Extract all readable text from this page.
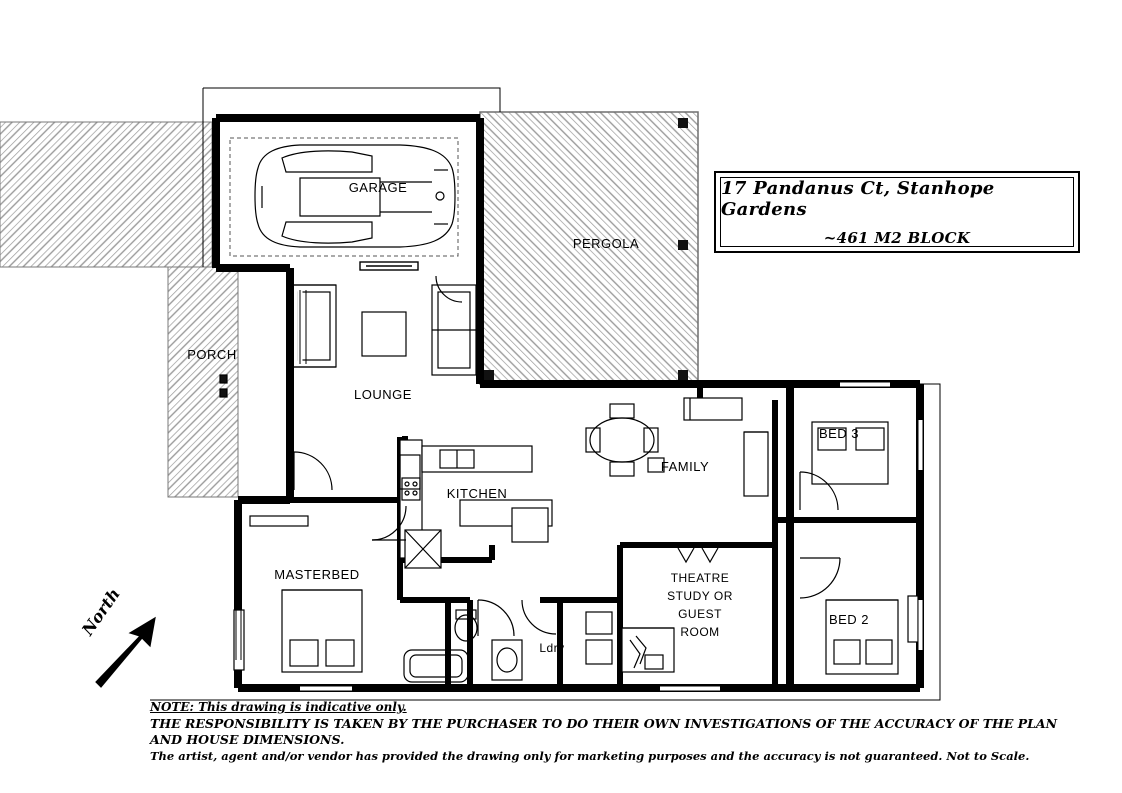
GARAGE
PERGOLA
PORCH
LOUNGE
KITCHEN
FAMILY
BED 3
BED 2
MASTERBED	THEATRE
STUDY OR
GUEST
ROOM
Ldry
North
17 Pandanus Ct, Stanhope Gardens
~461 M2 BLOCK
NOTE: This drawing is indicative only.
THE RESPONSIBILITY IS TAKEN BY THE PURCHASER TO DO THEIR OWN INVESTIGATIONS OF THE ACCURACY OF THE PLAN AND HOUSE DIMENSIONS.
The artist, agent and/or vendor has provided the drawing only for marketing purposes and the accuracy is not guaranteed. Not to Scale.
